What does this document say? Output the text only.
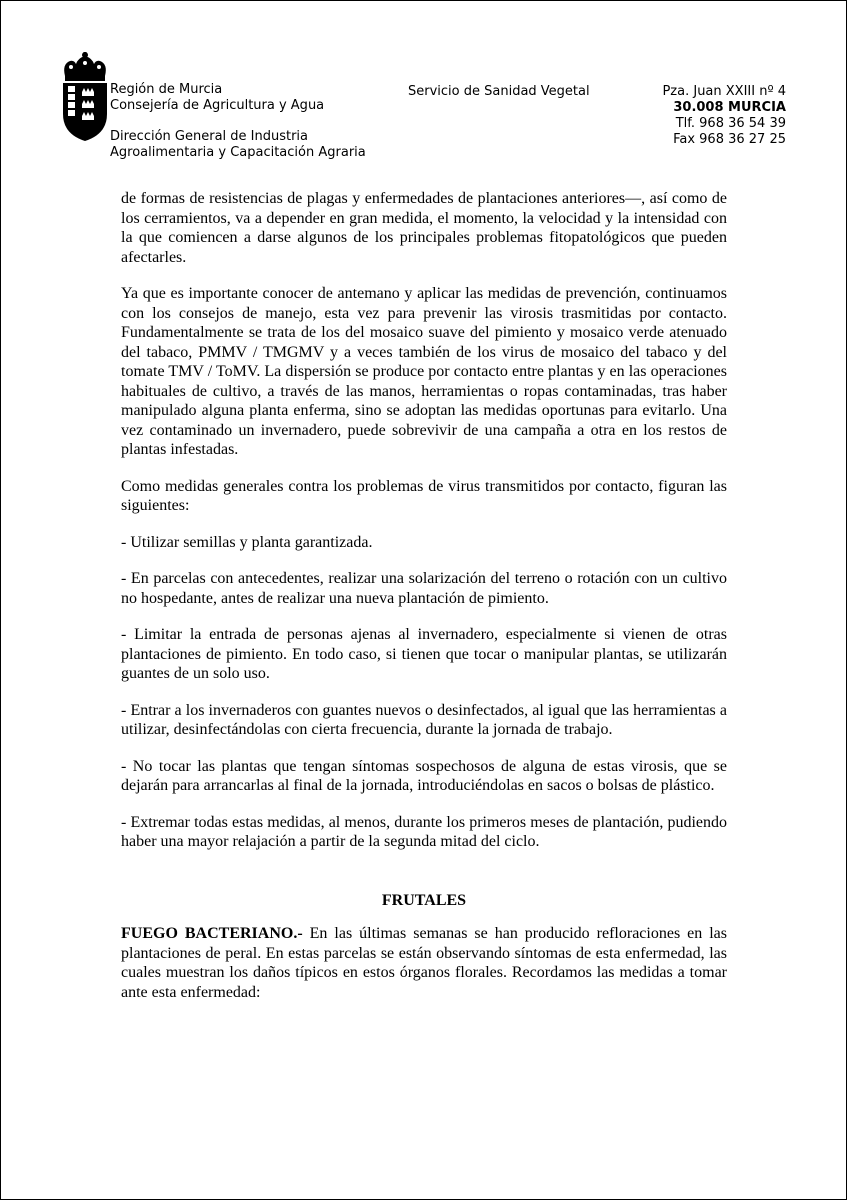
Región de Murcia
Consejería de Agricultura y Agua
Dirección General de Industria
Agroalimentaria y Capacitación Agraria
Servicio de Sanidad Vegetal	Pza. Juan XXIII nº 4
30.008 MURCIA
Tlf. 968 36 54 39
Fax 968 36 27 25

de formas de resistencias de plagas y enfermedades de plantaciones anteriores—, así como de los cerramientos, va a depender en gran medida, el momento, la velocidad y la intensidad con la que comiencen a darse algunos de los principales problemas fitopatológicos que pueden afectarles.

Ya que es importante conocer de antemano y aplicar las medidas de prevención, continuamos con los consejos de manejo, esta vez para prevenir las virosis trasmitidas por contacto. Fundamentalmente se trata de los del mosaico suave del pimiento y mosaico verde atenuado del tabaco, PMMV / TMGMV y a veces también de los virus de mosaico del tabaco y del tomate TMV / ToMV. La dispersión se produce por contacto entre plantas y en las operaciones habituales de cultivo, a través de las manos, herramientas o ropas contaminadas, tras haber manipulado alguna planta enferma, sino se adoptan las medidas oportunas para evitarlo. Una vez contaminado un invernadero, puede sobrevivir de una campaña a otra en los restos de plantas infestadas.

Como medidas generales contra los problemas de virus transmitidos por contacto, figuran las siguientes:

- Utilizar semillas y planta garantizada.

- En parcelas con antecedentes, realizar una solarización del terreno o rotación con un cultivo no hospedante, antes de realizar una nueva plantación de pimiento.

- Limitar la entrada de personas ajenas al invernadero, especialmente si vienen de otras plantaciones de pimiento. En todo caso, si tienen que tocar o manipular plantas, se utilizarán guantes de un solo uso.

- Entrar a los invernaderos con guantes nuevos o desinfectados, al igual que las herramientas a utilizar, desinfectándolas con cierta frecuencia, durante la jornada de trabajo.

- No tocar las plantas que tengan síntomas sospechosos de alguna de estas virosis, que se dejarán para arrancarlas al final de la jornada, introduciéndolas en sacos o bolsas de plástico.

- Extremar todas estas medidas, al menos, durante los primeros meses de plantación, pudiendo haber una mayor relajación a partir de la segunda mitad del ciclo.

FRUTALES

FUEGO BACTERIANO.- En las últimas semanas se han producido refloraciones en las plantaciones de peral. En estas parcelas se están observando síntomas de esta enfermedad, las cuales muestran los daños típicos en estos órganos florales. Recordamos las medidas a tomar ante esta enfermedad:
